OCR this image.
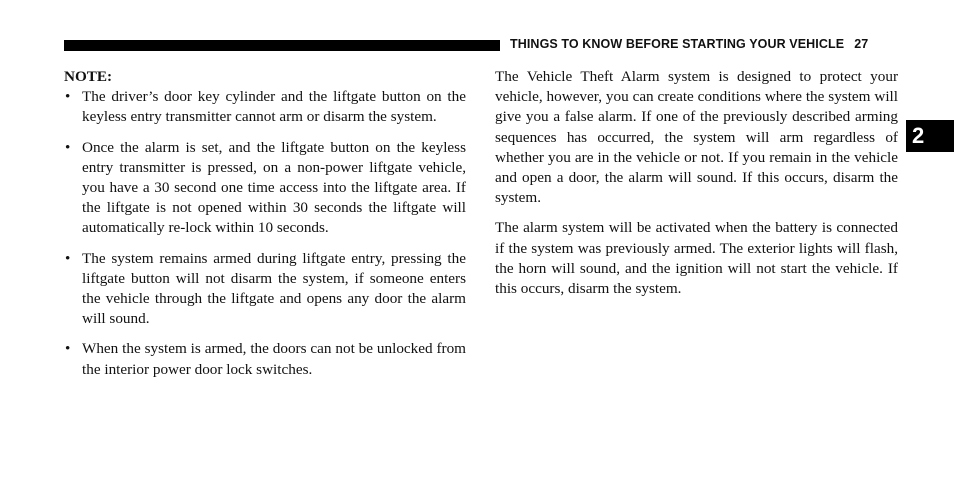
THINGS TO KNOW BEFORE STARTING YOUR VEHICLE 27
2

NOTE:

• The driver’s door key cylinder and the liftgate button on the keyless entry transmitter cannot arm or disarm the system.
• Once the alarm is set, and the liftgate button on the keyless entry transmitter is pressed, on a non-power liftgate vehicle, you have a 30 second one time access into the liftgate area. If the liftgate is not opened within 30 seconds the liftgate will automatically re-lock within 10 seconds.
• The system remains armed during liftgate entry, pressing the liftgate button will not disarm the system, if someone enters the vehicle through the liftgate and opens any door the alarm will sound.
• When the system is armed, the doors can not be unlocked from the interior power door lock switches.

The Vehicle Theft Alarm system is designed to protect your vehicle, however, you can create conditions where the system will give you a false alarm. If one of the previously described arming sequences has occurred, the system will arm regardless of whether you are in the vehicle or not. If you remain in the vehicle and open a door, the alarm will sound. If this occurs, disarm the system.

The alarm system will be activated when the battery is connected if the system was previously armed. The exterior lights will flash, the horn will sound, and the ignition will not start the vehicle. If this occurs, disarm the system.
